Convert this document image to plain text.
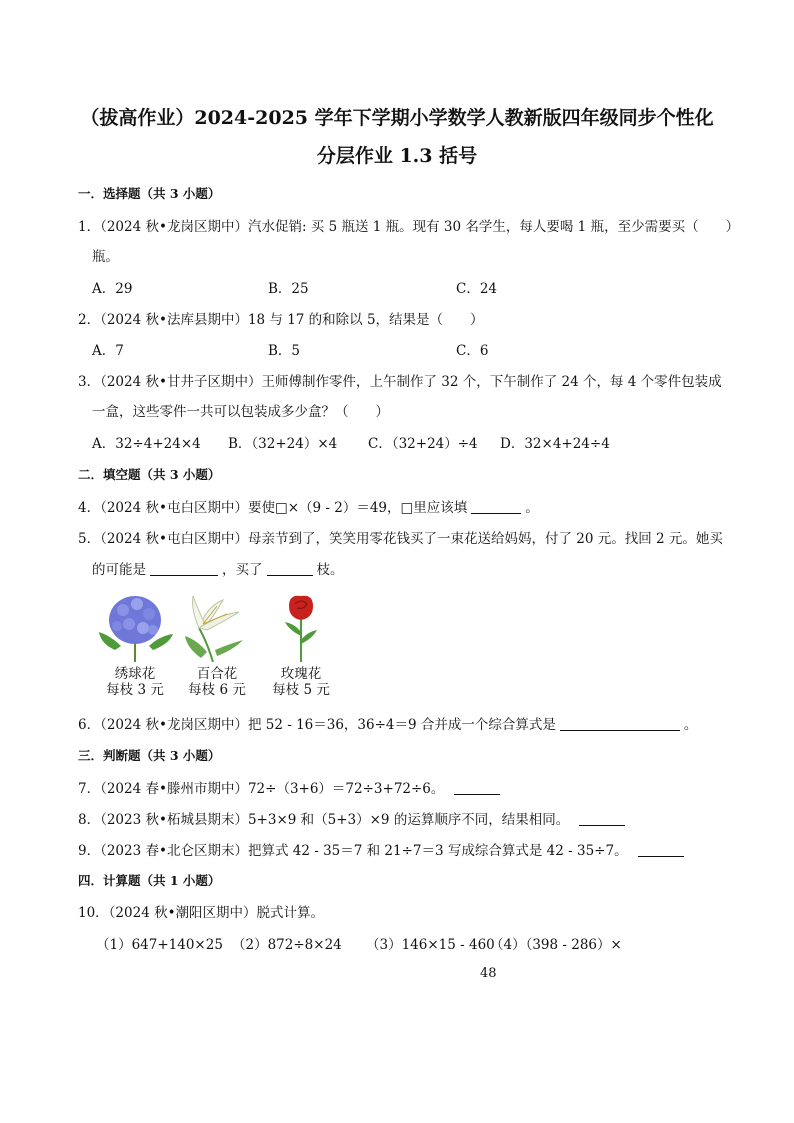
（拔高作业）2024-2025 学年下学期小学数学人教新版四年级同步个性化
分层作业 1.3 括号
一．选择题（共 3 小题）
1．（2024 秋•龙岗区期中）汽水促销: 买 5 瓶送 1 瓶。现有 30 名学生，每人要喝 1 瓶，至少需要买（　　）
瓶。
A．29	B．25	C．24
2．（2024 秋•法库县期中）18 与 17 的和除以 5，结果是（　　）
A．7	B．5	C．6
3．（2024 秋•甘井子区期中）王师傅制作零件，上午制作了 32 个，下午制作了 24 个，每 4 个零件包装成
一盒，这些零件一共可以包装成多少盒？（　　）
A．32÷4+24×4 B．（32+24）×4 C．（32+24）÷4 D．32×4+24÷4
二．填空题（共 3 小题）
4．（2024 秋•屯白区期中）要使□×（9 - 2）＝49，□里应该填	。
5．（2024 秋•屯白区期中）母亲节到了，笑笑用零花钱买了一束花送给妈妈，付了 20 元。找回 2 元。她买
的可能是	，买了	枝。
绣球花
每枝 3 元
百合花
每枝 6 元
玫瑰花
每枝 5 元
6．（2024 秋•龙岗区期中）把 52 - 16＝36，36÷4＝9 合并成一个综合算式是	。
三．判断题（共 3 小题）
7．（2024 春•滕州市期中）72÷（3+6）＝72÷3+72÷6。
8．（2023 秋•柘城县期末）5+3×9 和（5+3）×9 的运算顺序不同，结果相同。
9．（2023 春•北仑区期末）把算式 42 - 35＝7 和 21÷7＝3 写成综合算式是 42 - 35÷7。
四．计算题（共 1 小题）
10．（2024 秋•潮阳区期中）脱式计算。
（1）647+140×25 （2）872÷8×24 （3）146×15 - 460
（4）（398 - 286）×
48
